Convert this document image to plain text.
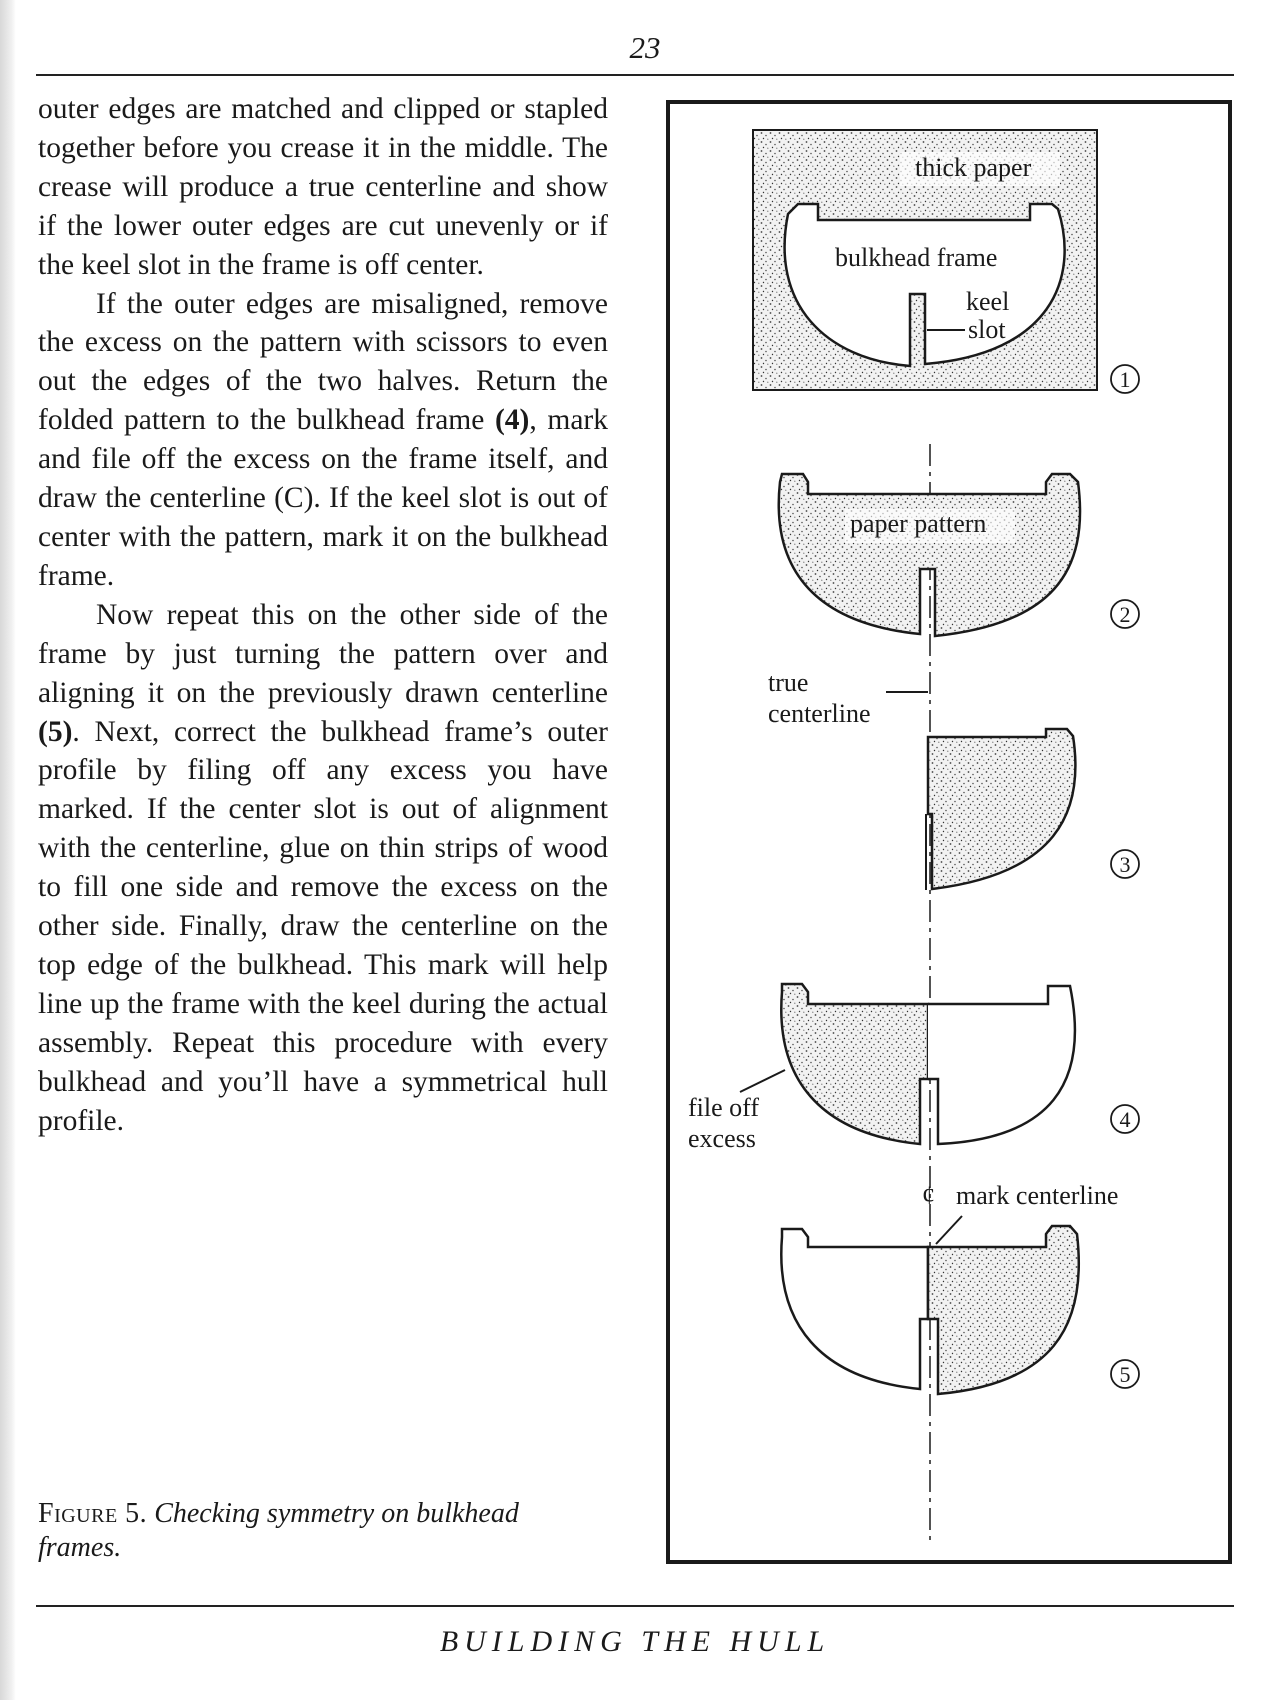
23

outer edges are matched and clipped or stapled together before you crease it in the middle. The crease will produce a true centerline and show if the lower outer edges are cut unevenly or if the keel slot in the frame is off center.

If the outer edges are misaligned, remove the excess on the pattern with scissors to even out the edges of the two halves. Return the folded pattern to the bulkhead frame (4), mark and file off the excess on the frame itself, and draw the centerline (C). If the keel slot is out of center with the pattern, mark it on the bulkhead frame.

Now repeat this on the other side of the frame by just turning the pattern over and aligning it on the previously drawn centerline (5). Next, correct the bulkhead frame’s outer profile by filing off any excess you have marked. If the center slot is out of alignment with the centerline, glue on thin strips of wood to fill one side and remove the excess on the other side. Finally, draw the centerline on the top edge of the bulkhead. This mark will help line up the frame with the keel during the actual assembly. Repeat this procedure with every bulkhead and you’ll have a symmetrical hull profile.

Figure 5. Checking symmetry on bulkhead frames.
thick paper
bulkhead frame
keel
slot
1
paper pattern
2
true
centerline
3
file off
excess
4
¢ mark centerline
5
BUILDING THE HULL
